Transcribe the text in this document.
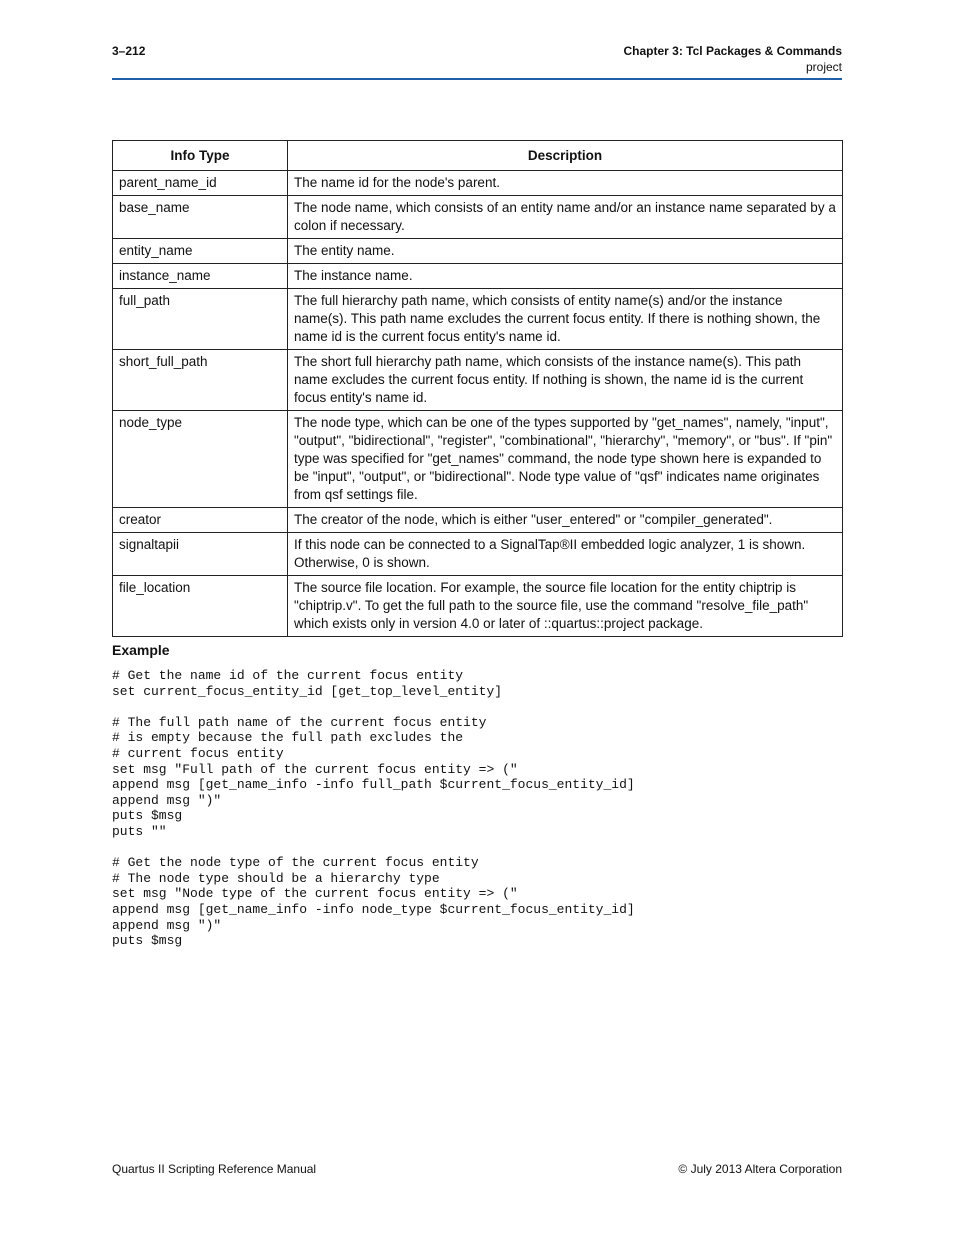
3–212	Chapter 3: Tcl Packages & Commands
project
Info Type	Description
parent_name_id	The name id for the node's parent.
base_name	The node name, which consists of an entity name and/or an instance name separated by a colon if necessary.
entity_name	The entity name.
instance_name	The instance name.
full_path	The full hierarchy path name, which consists of entity name(s) and/or the instance name(s). This path name excludes the current focus entity. If there is nothing shown, the name id is the current focus entity's name id.
short_full_path	The short full hierarchy path name, which consists of the instance name(s). This path name excludes the current focus entity. If nothing is shown, the name id is the current focus entity's name id.
node_type	The node type, which can be one of the types supported by "get_names", namely, "input", "output", "bidirectional", "register", "combinational", "hierarchy", "memory", or "bus". If "pin" type was specified for "get_names" command, the node type shown here is expanded to be "input", "output", or "bidirectional". Node type value of "qsf" indicates name originates from qsf settings file.
creator	The creator of the node, which is either "user_entered" or "compiler_generated".
signaltapii	If this node can be connected to a SignalTap®II embedded logic analyzer, 1 is shown. Otherwise, 0 is shown.
file_location	The source file location. For example, the source file location for the entity chiptrip is "chiptrip.v". To get the full path to the source file, use the command "resolve_file_path" which exists only in version 4.0 or later of ::quartus::project package.
Example
# Get the name id of the current focus entity
set current_focus_entity_id [get_top_level_entity]

# The full path name of the current focus entity
# is empty because the full path excludes the
# current focus entity
set msg "Full path of the current focus entity => ("
append msg [get_name_info -info full_path $current_focus_entity_id]
append msg ")"
puts $msg
puts ""

# Get the node type of the current focus entity
# The node type should be a hierarchy type
set msg "Node type of the current focus entity => ("
append msg [get_name_info -info node_type $current_focus_entity_id]
append msg ")"
puts $msg
Quartus II Scripting Reference Manual	© July 2013 Altera Corporation
